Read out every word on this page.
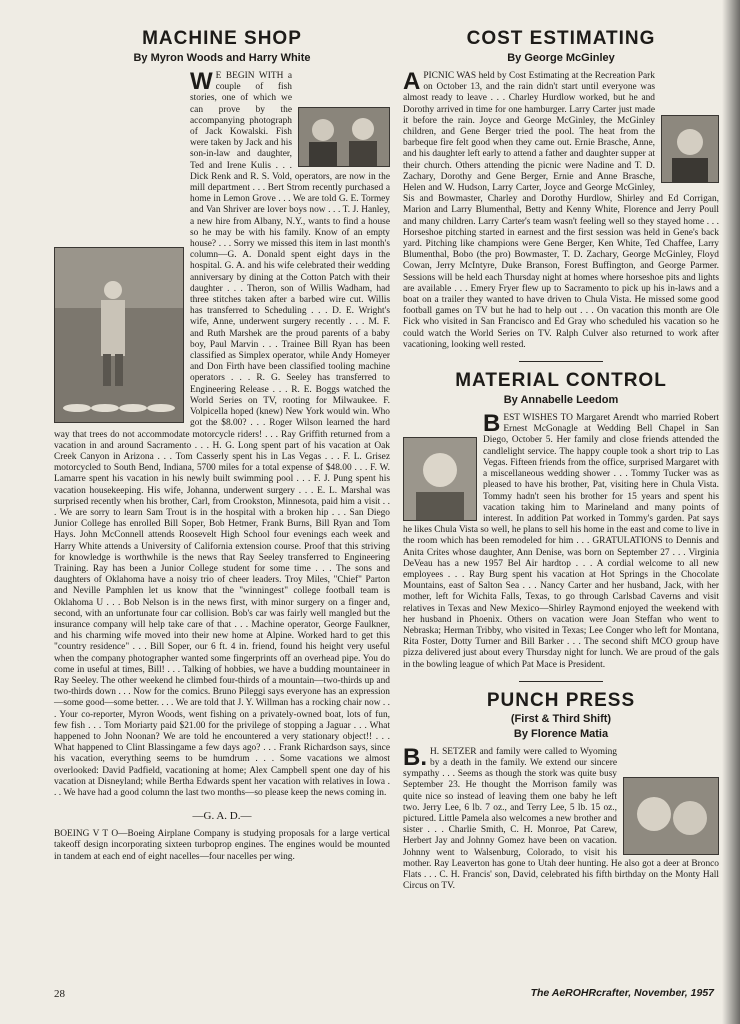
MACHINE SHOP
By Myron Woods and Harry White

W E BEGIN WITH a couple of fish stories, one of which we can prove by the accompanying photograph of Jack Kowalski. Fish were taken by Jack and his son-in-law and daughter, Ted and Irene Kulis . . . Dick Renk and R. S. Vold, operators, are now in the mill department . . . Bert Strom recently purchased a home in Lemon Grove . . . We are told G. E. Tormey and Van Shriver are lover boys now . . . T. J. Hanley, a new hire from Albany, N.Y., wants to find a house so he may be with his family. Know of an empty house? . . . Sorry we missed this item in last month's column—G. A. Donald spent eight days in the hospital. G. A. and his wife celebrated their wedding anniversary by dining at the Cotton Patch with their daughter . . . Theron, son of Willis Wadham, had three stitches taken after a barbed wire cut. Willis has transferred to Scheduling . . . D. E. Wright's wife, Anne, underwent surgery recently . . . M. F. and Ruth Marshek are the proud parents of a baby boy, Paul Marvin . . . Trainee Bill Ryan has been classified as Simplex operator, while Andy Homeyer and Don Firth have been classified tooling machine operators . . . R. G. Seeley has transferred to Engineering Release . . . R. E. Boggs watched the World Series on TV, rooting for Milwaukee. F. Volpicella hoped (knew) New York would win. Who got the $8.00? . . . Roger Wilson learned the hard way that trees do not accommodate motorcycle riders! . . . Ray Griffith returned from a vacation in and around Sacramento . . . H. G. Long spent part of his vacation at Oak Creek Canyon in Arizona . . . Tom Casserly spent his in Las Vegas . . . F. L. Grisez motorcycled to South Bend, Indiana, 5700 miles for a total expense of $48.00 . . . F. W. Lamarre spent his vacation in his newly built swimming pool . . . F. J. Pung spent his vacation housekeeping. His wife, Johanna, underwent surgery . . . E. L. Marshal was surprised recently when his brother, Carl, from Crookston, Minnesota, paid him a visit . . . We are sorry to learn Sam Trout is in the hospital with a broken hip . . . San Diego Junior College has enrolled Bill Soper, Bob Hetmer, Frank Burns, Bill Ryan and Tom Hays. John McConnell attends Roosevelt High School four evenings each week and Harry White attends a University of California extension course. Proof that this striving for knowledge is worthwhile is the news that Ray Seeley transferred to Engineering Training. Ray has been a Junior College student for some time . . . The sons and daughters of Oklahoma have a noisy trio of cheer leaders. Troy Miles, "Chief" Parton and Neville Pamphlen let us know that the "winningest" college football team is Oklahoma U . . . Bob Nelson is in the news first, with minor surgery on a finger and, second, with an unfortunate four car collision. Bob's car was fairly well mangled but the insurance company will help take care of that . . . Machine operator, George Faulkner, and his charming wife moved into their new home at Alpine. Worked hard to get this "country residence" . . . Bill Soper, our 6 ft. 4 in. friend, found his height very useful when the company photographer wanted some fingerprints off an overhead pipe. You do come in useful at times, Bill! . . . Talking of hobbies, we have a budding mountaineer in Ray Seeley. The other weekend he climbed four-thirds of a mountain—two-thirds up and two-thirds down . . . Now for the comics. Bruno Pileggi says everyone has an expression—some good—some better. . . . We are told that J. Y. Willman has a rocking chair now . . . Your co-reporter, Myron Woods, went fishing on a privately-owned boat, lots of fun, few fish . . . Tom Moriarty paid $21.00 for the privilege of stopping a Jaguar . . . What happened to John Noonan? We are told he encountered a very stationary object!! . . . What happened to Clint Blassingame a few days ago? . . . Frank Richardson says, since his vacation, everything seems to be humdrum . . . Some vacations we almost overlooked: David Padfield, vacationing at home; Alex Campbell spent one day of his vacation at Disneyland; while Bertha Edwards spent her vacation with relatives in Iowa . . . We have had a good column the last two months—so please keep the news coming in.

—G. A. D.—

BOEING V T O—Boeing Airplane Company is studying proposals for a large vertical takeoff design incorporating sixteen turboprop engines. The engines would be mounted in tandem at each end of eight nacelles—four nacelles per wing.

COST ESTIMATING
By George McGinley

APICNIC WAS held by Cost Estimating at the Recreation Park on October 13, and the rain didn't start until everyone was almost ready to leave . . . Charley Hurdlow worked, but he and Dorothy arrived in time for one hamburger. Larry Carter just made it before the rain. Joyce and George McGinley, the McGinley children, and Gene Berger tried the pool. The heat from the barbeque fire felt good when they came out. Ernie Brasche, Anne, and his daughter left early to attend a father and daughter supper at their church. Others attending the picnic were Nadine and T. D. Zachary, Dorothy and Gene Berger, Ernie and Anne Brasche, Helen and W. Hudson, Larry Carter, Joyce and George McGinley, Sis and Bowmaster, Charley and Dorothy Hurdlow, Shirley and Ed Corrigan, Marion and Larry Blumenthal, Betty and Kenny White, Florence and Jerry Poull and many children. Larry Carter's team wasn't feeling well so they stayed home . . . Horseshoe pitching started in earnest and the first session was held in Gene's back yard. Pitching like champions were Gene Berger, Ken White, Ted Chaffee, Larry Blumenthal, Bobo (the pro) Bowmaster, T. D. Zachary, George McGinley, Floyd Cowan, Jerry McIntyre, Duke Branson, Forest Buffington, and George Parmer. Sessions will be held each Thursday night at homes where horseshoe pits and lights are available . . . Emery Fryer flew up to Sacramento to pick up his in-laws and a boat on a trailer they wanted to have driven to Chula Vista. He missed some good football games on TV but he had to help out . . . On vacation this month are Ole Fick who visited in San Francisco and Ed Gray who scheduled his vacation so he could watch the World Series on TV. Ralph Culver also returned to work after vacationing, looking well rested.

MATERIAL CONTROL
By Annabelle Leedom

BEST WISHES TO Margaret Arendt who married Robert Ernest McGonagle at Wedding Bell Chapel in San Diego, October 5. Her family and close friends attended the candlelight service. The happy couple took a short trip to Las Vegas. Fifteen friends from the office, surprised Margaret with a miscellaneous wedding shower . . . Tommy Tucker was as pleased to have his brother, Pat, visiting here in Chula Vista. Tommy hadn't seen his brother for 15 years and spent his vacation taking him to Marineland and many points of interest. In addition Pat worked in Tommy's garden. Pat says he likes Chula Vista so well, he plans to sell his home in the east and come to live in the room which has been remodeled for him . . . GRATULATIONS to Dennis and Anita Crites whose daughter, Ann Denise, was born on September 27 . . . Virginia DeVeau has a new 1957 Bel Air hardtop . . . A cordial welcome to all new employees . . . Ray Burg spent his vacation at Hot Springs in the Chocolate Mountains, east of Salton Sea . . . Nancy Carter and her husband, Jack, with her mother, left for Wichita Falls, Texas, to go through Carlsbad Caverns and visit relatives in Texas and New Mexico—Shirley Raymond enjoyed the weekend with her husband in Phoenix. Others on vacation were Joan Steffan who went to Nebraska; Herman Tribby, who visited in Texas; Lee Conger who left for Montana, Rita Foster, Dotty Turner and Bill Barker . . . The second shift MCO group have pizza delivered just about every Thursday night for lunch. We are proud of the gals in the bowling league of which Pat Mace is President.

PUNCH PRESS
(First & Third Shift)
By Florence Matia

B. H. SETZER and family were called to Wyoming by a death in the family. We extend our sincere sympathy . . . Seems as though the stork was quite busy September 23. He thought the Morrison family was quite nice so instead of leaving them one baby he left two. Jerry Lee, 6 lb. 7 oz., and Terry Lee, 5 lb. 15 oz., pictured. Little Pamela also welcomes a new brother and sister . . . Charlie Smith, C. H. Monroe, Pat Carew, Herbert Jay and Johnny Gomez have been on vacation. Johnny went to Walsenburg, Colorado, to visit his mother. Ray Leaverton has gone to Utah deer hunting. He also got a deer at Bronco Flats . . . C. H. Francis' son, David, celebrated his fifth birthday on the Monty Hall Circus on TV.

28	The AeROHRcrafter, November, 1957
